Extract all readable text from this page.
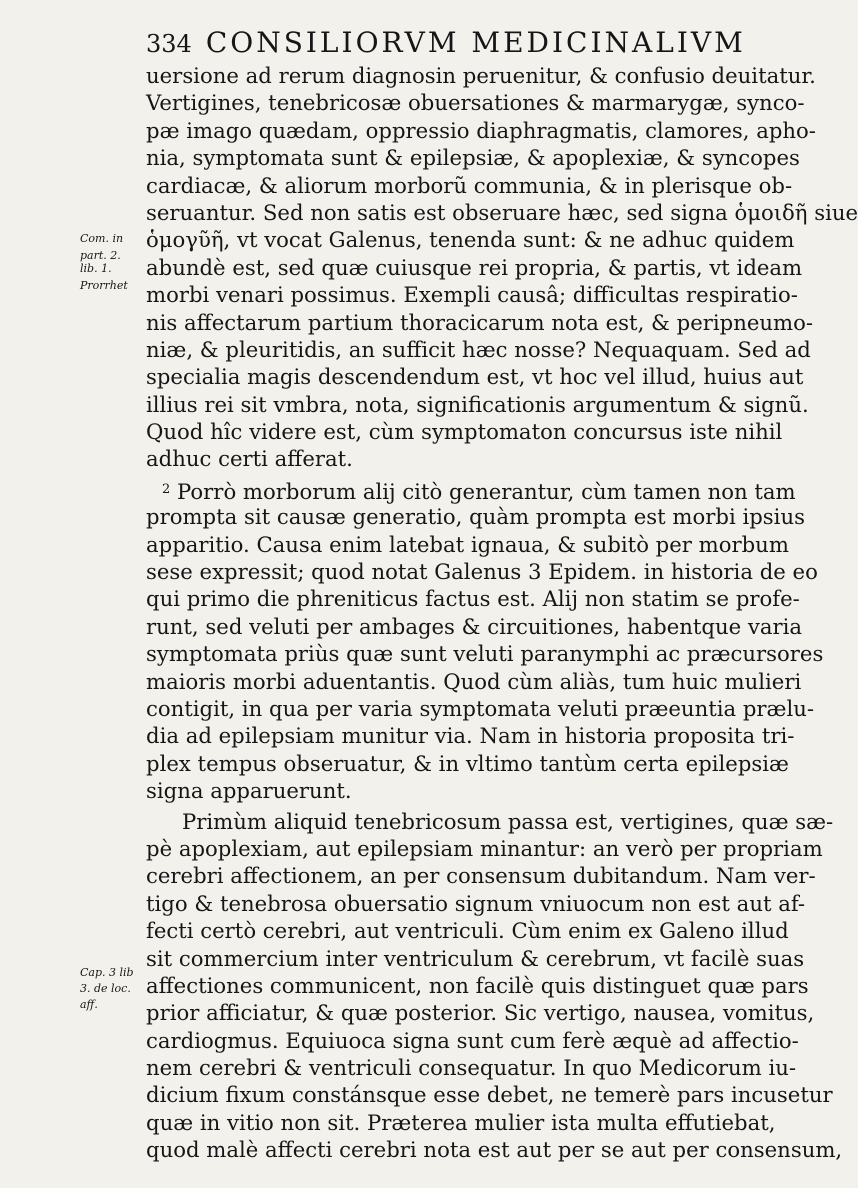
334 CONSILIORVM MEDICINALIVM
Com. in
part. 2.
lib. 1.
Prorrhet
Cap. 3 lib
3. de loc.
aff.
uersione ad rerum diagnosin peruenitur, & confusio deuitatur.
Vertigines, tenebricosæ obuersationes & marmarygæ, synco-
pæ imago quædam, oppressio diaphragmatis, clamores, apho-
nia, symptomata sunt & epilepsiæ, & apoplexiæ, & syncopes
cardiacæ, & aliorum morborũ communia, & in plerisque ob-
seruantur. Sed non satis est obseruare hæc, sed signa ὁμοιδῆ siue
ὁμογῦῆ, vt vocat Galenus, tenenda sunt: & ne adhuc quidem
abundè est, sed quæ cuiusque rei propria, & partis, vt ideam
morbi venari possimus. Exempli causâ; difficultas respiratio-
nis affectarum partium thoracicarum nota est, & peripneumo-
niæ, & pleuritidis, an sufficit hæc nosse? Nequaquam. Sed ad
specialia magis descendendum est, vt hoc vel illud, huius aut
illius rei sit vmbra, nota, significationis argumentum & signũ.
Quod hîc videre est, cùm symptomaton concursus iste nihil
adhuc certi afferat.
$^2$ Porrò morborum alij citò generantur, cùm tamen non tam
prompta sit causæ generatio, quàm prompta est morbi ipsius
apparitio. Causa enim latebat ignaua, & subitò per morbum
sese expressit; quod notat Galenus 3 Epidem. in historia de eo
qui primo die phreniticus factus est. Alij non statim se profe-
runt, sed veluti per ambages & circuitiones, habentque varia
symptomata priùs quæ sunt veluti paranymphi ac præcursores
maioris morbi aduentantis. Quod cùm aliàs, tum huic mulieri
contigit, in qua per varia symptomata veluti præeuntia prælu-
dia ad epilepsiam munitur via. Nam in historia proposita tri-
plex tempus obseruatur, & in vltimo tantùm certa epilepsiæ
signa apparuerunt.
Primùm aliquid tenebricosum passa est, vertigines, quæ sæ-
pè apoplexiam, aut epilepsiam minantur: an verò per propriam
cerebri affectionem, an per consensum dubitandum. Nam ver-
tigo & tenebrosa obuersatio signum vniuocum non est aut af-
fecti certò cerebri, aut ventriculi. Cùm enim ex Galeno illud
sit commercium inter ventriculum & cerebrum, vt facilè suas
affectiones communicent, non facilè quis distinguet quæ pars
prior afficiatur, & quæ posterior. Sic vertigo, nausea, vomitus,
cardiogmus. Equiuoca signa sunt cum ferè æquè ad affectio-
nem cerebri & ventriculi consequatur. In quo Medicorum iu-
dicium fixum constánsque esse debet, ne temerè pars incusetur
quæ in vitio non sit. Præterea mulier ista multa effutiebat,
quod malè affecti cerebri nota est aut per se aut per consensum,
